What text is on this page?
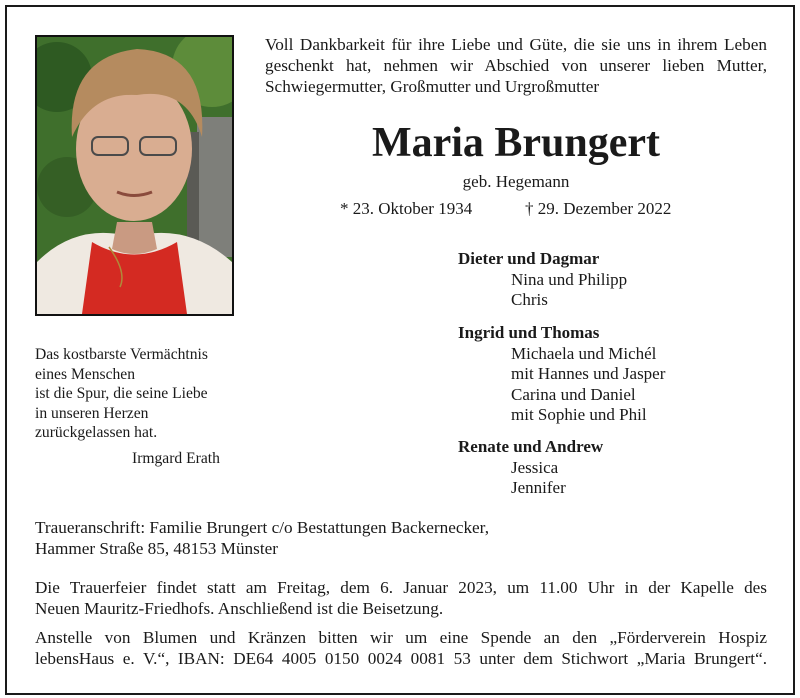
Voll Dankbarkeit für ihre Liebe und Güte, die sie uns in ihrem Leben geschenkt hat, nehmen wir Abschied von unserer lieben Mutter, Schwiegermutter, Großmutter und Urgroßmutter
Maria Brungert
geb. Hegemann
* 23. Oktober 1934	† 29. Dezember 2022
Dieter und Dagmar
Nina und Philipp
Chris
Ingrid und Thomas
Michaela und Michél
mit Hannes und Jasper
Carina und Daniel
mit Sophie und Phil
Renate und Andrew
Jessica
Jennifer
Das kostbarste Vermächtnis
eines Menschen
ist die Spur, die seine Liebe
in unseren Herzen
zurückgelassen hat.
Irmgard Erath
Traueranschrift: Familie Brungert c/o Bestattungen Backernecker,
Hammer Straße 85, 48153 Münster
Die Trauerfeier findet statt am Freitag, dem 6. Januar 2023, um 11.00 Uhr in der Kapelle des
Neuen Mauritz-Friedhofs. Anschließend ist die Beisetzung.
Anstelle von Blumen und Kränzen bitten wir um eine Spende an den „Förderverein Hospiz
lebensHaus e. V.“, IBAN: DE64 4005 0150 0024 0081 53 unter dem Stichwort „Maria Brungert“.
